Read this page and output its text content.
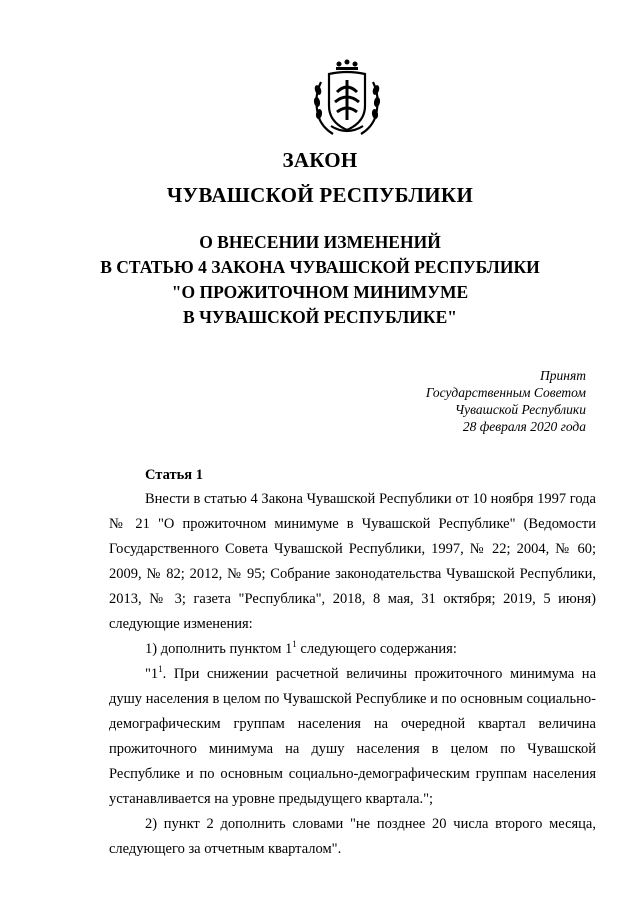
ЗАКОН
ЧУВАШСКОЙ РЕСПУБЛИКИ
О ВНЕСЕНИИ ИЗМЕНЕНИЙ
В СТАТЬЮ 4 ЗАКОНА ЧУВАШСКОЙ РЕСПУБЛИКИ
"О ПРОЖИТОЧНОМ МИНИМУМЕ
В ЧУВАШСКОЙ РЕСПУБЛИКЕ"
Принят
Государственным Советом
Чувашской Республики
28 февраля 2020 года
Статья 1

Внести в статью 4 Закона Чувашской Республики от 10 ноября 1997 года № 21 "О прожиточном минимуме в Чувашской Республике" (Ведомости Государственного Совета Чувашской Республики, 1997, № 22; 2004, № 60; 2009, № 82; 2012, № 95; Собрание законодательства Чувашской Республики, 2013, № 3; газета "Республика", 2018, 8 мая, 31 октября; 2019, 5 июня) следующие изменения:

1) дополнить пунктом $1^1$ следующего содержания:

"$1^1$. При снижении расчетной величины прожиточного минимума на душу населения в целом по Чувашской Республике и по основным социально-демографическим группам населения на очередной квартал величина прожиточного минимума на душу населения в целом по Чувашской Республике и по основным социально-демографическим группам населения устанавливается на уровне предыдущего квартала.";

2) пункт 2 дополнить словами "не позднее 20 числа второго месяца, следующего за отчетным кварталом".
